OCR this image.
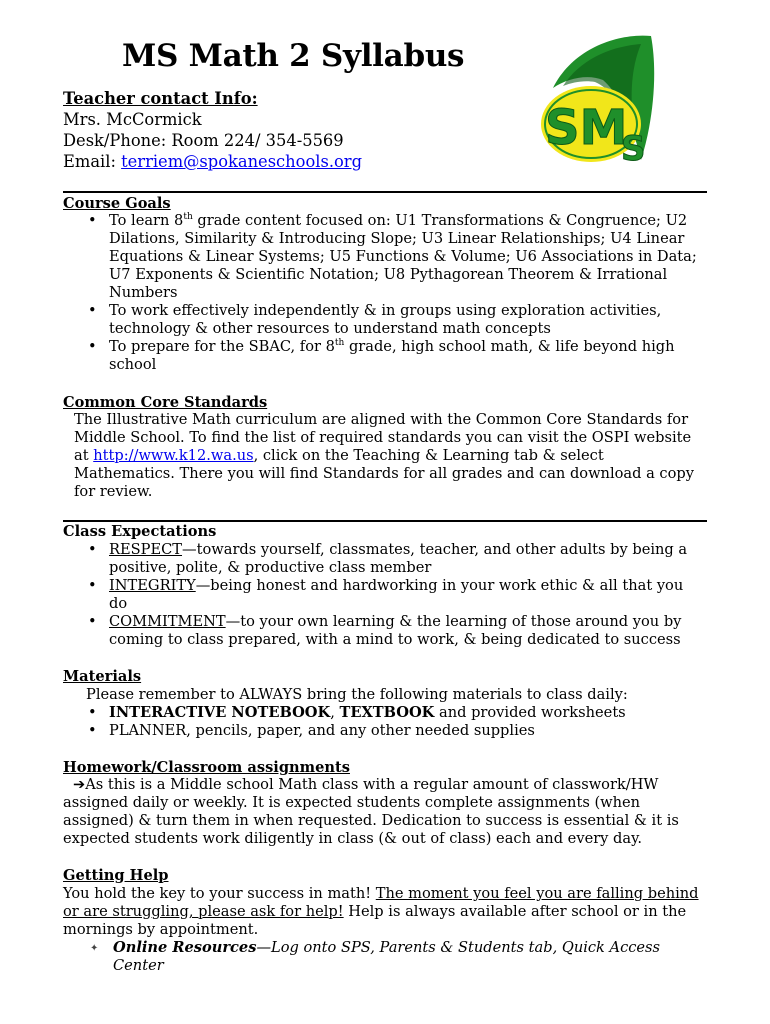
MS Math 2 Syllabus
Teacher contact Info:
Mrs. McCormick
Desk/Phone: Room 224/ 354-5569
Email: terriem@spokaneschools.org
SM
S
Course Goals
• To learn 8th grade content focused on: U1 Transformations & Congruence; U2 Dilations, Similarity & Introducing Slope; U3 Linear Relationships; U4 Linear Equations & Linear Systems; U5 Functions & Volume; U6 Associations in Data; U7 Exponents & Scientific Notation; U8 Pythagorean Theorem & Irrational Numbers
• To work effectively independently & in groups using exploration activities, technology & other resources to understand math concepts
• To prepare for the SBAC, for 8th grade, high school math, & life beyond high school
Common Core Standards
The Illustrative Math curriculum are aligned with the Common Core Standards for Middle School. To find the list of required standards you can visit the OSPI website at http://www.k12.wa.us, click on the Teaching & Learning tab & select Mathematics. There you will find Standards for all grades and can download a copy for review.
Class Expectations
• RESPECT—towards yourself, classmates, teacher, and other adults by being a positive, polite, & productive class member
• INTEGRITY—being honest and hardworking in your work ethic & all that you do
• COMMITMENT—to your own learning & the learning of those around you by coming to class prepared, with a mind to work, & being dedicated to success
Materials
Please remember to ALWAYS bring the following materials to class daily:
• INTERACTIVE NOTEBOOK, TEXTBOOK and provided worksheets
• PLANNER, pencils, paper, and any other needed supplies
Homework/Classroom assignments
➔As this is a Middle school Math class with a regular amount of classwork/HW assigned daily or weekly. It is expected students complete assignments (when assigned) & turn them in when requested. Dedication to success is essential & it is expected students work diligently in class (& out of class) each and every day.
Getting Help
You hold the key to your success in math! The moment you feel you are falling behind or are struggling, please ask for help! Help is always available after school or in the mornings by appointment.
✦ Online Resources—Log onto SPS, Parents & Students tab, Quick Access Center
